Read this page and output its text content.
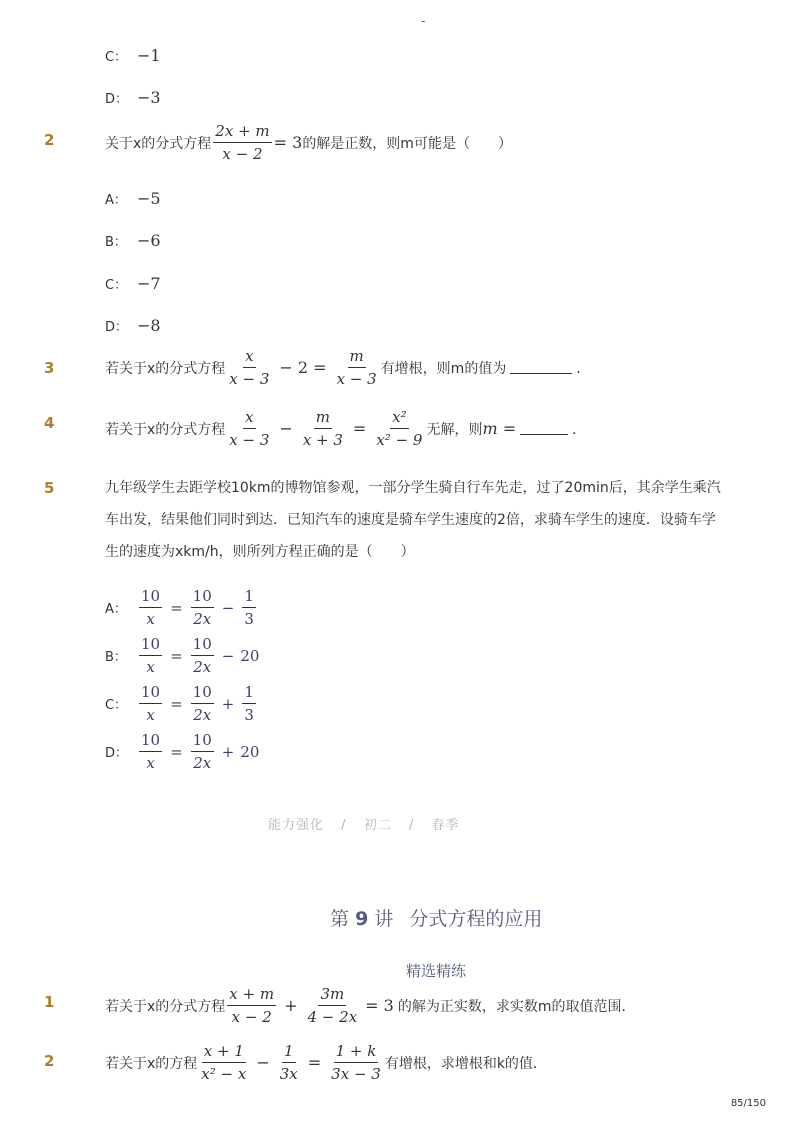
-
C： −1
D： −3
2	关于x的分式方程 $\frac{2x + m}{x - 2} = 3$ 的解是正数，则m可能是（　　）
A： −5
B： −6
C： −7
D： −8
3	若关于x的分式方程 $\frac{x}{x - 3} - 2 = \frac{m}{x - 3}$ 有增根，则m的值为	．
4	若关于x的分式方程 $\frac{x}{x - 3} - \frac{m}{x + 3} = \frac{\text{x²}}{\text{x² − 9}}$ 无解，则 m =	．
5	九年级学生去距学校10km的博物馆参观，一部分学生骑自行车先走，过了20min后，其余学生乘汽车出发，结果他们同时到达．已知汽车的速度是骑车学生速度的2倍，求骑车学生的速度．设骑车学生的速度为xkm/h，则所列方程正确的是（　　）
A： $\frac{10}{x} = \frac{10}{2x} - \frac{1}{3}$
B： $\frac{10}{x} = \frac{10}{2x} - 20$
C： $\frac{10}{x} = \frac{10}{2x} + \frac{1}{3}$
D： $\frac{10}{x} = \frac{10}{2x} + 20$
能力强化 / 初二 / 春季
第 9 讲 分式方程的应用
精选精练
1	若关于x的分式方程 $\frac{x + m}{x - 2} + \frac{3m}{4 - 2x} = 3$ 的解为正实数，求实数m的取值范围．
2	若关于x的方程 $\frac{x + 1}{\text{x² − x}} - \frac{1}{3x} = \frac{1 + k}{3x - 3}$ 有增根，求增根和k的值．
85/150
